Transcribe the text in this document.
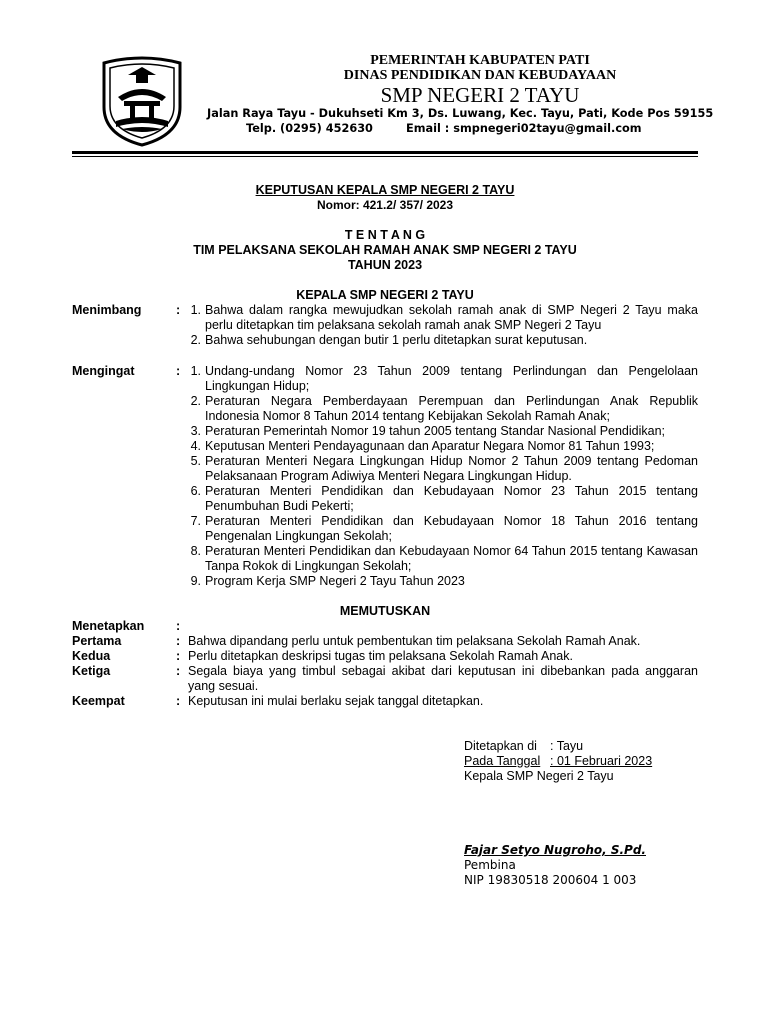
PEMERINTAH KABUPATEN PATI
DINAS PENDIDIKAN DAN KEBUDAYAAN
SMP NEGERI 2 TAYU
Jalan Raya Tayu - Dukuhseti Km 3, Ds. Luwang, Kec. Tayu, Pati, Kode Pos 59155
Telp. (0295) 452630	Email : smpnegeri02tayu@gmail.com
KEPUTUSAN KEPALA SMP NEGERI 2 TAYU
Nomor: 421.2/ 357/ 2023
T E N T A N G
TIM PELAKSANA SEKOLAH RAMAH ANAK SMP NEGERI 2 TAYU
TAHUN 2023
KEPALA SMP NEGERI 2 TAYU
Menimbang	: 1. Bahwa dalam rangka mewujudkan sekolah ramah anak di SMP Negeri 2 Tayu maka perlu ditetapkan tim pelaksana sekolah ramah anak SMP Negeri 2 Tayu
2. Bahwa sehubungan dengan butir 1 perlu ditetapkan surat keputusan.
Mengingat	: 1. Undang-undang Nomor 23 Tahun 2009 tentang Perlindungan dan Pengelolaan Lingkungan Hidup;
2. Peraturan Negara Pemberdayaan Perempuan dan Perlindungan Anak Republik Indonesia Nomor 8 Tahun 2014 tentang Kebijakan Sekolah Ramah Anak;
3. Peraturan Pemerintah Nomor 19 tahun 2005 tentang Standar Nasional Pendidikan;
4. Keputusan Menteri Pendayagunaan dan Aparatur Negara Nomor 81 Tahun 1993;
5. Peraturan Menteri Negara Lingkungan Hidup Nomor 2 Tahun 2009 tentang Pedoman Pelaksanaan Program Adiwiya Menteri Negara Lingkungan Hidup.
6. Peraturan Menteri Pendidikan dan Kebudayaan Nomor 23 Tahun 2015 tentang Penumbuhan Budi Pekerti;
7. Peraturan Menteri Pendidikan dan Kebudayaan Nomor 18 Tahun 2016 tentang Pengenalan Lingkungan Sekolah;
8. Peraturan Menteri Pendidikan dan Kebudayaan Nomor 64 Tahun 2015 tentang Kawasan Tanpa Rokok di Lingkungan Sekolah;
9. Program Kerja SMP Negeri 2 Tayu Tahun 2023
MEMUTUSKAN
Menetapkan	:
Pertama	: Bahwa dipandang perlu untuk pembentukan tim pelaksana Sekolah Ramah Anak.
Kedua	: Perlu ditetapkan deskripsi tugas tim pelaksana Sekolah Ramah Anak.
Ketiga	: Segala biaya yang timbul sebagai akibat dari keputusan ini dibebankan pada anggaran yang sesuai.
Keempat	: Keputusan ini mulai berlaku sejak tanggal ditetapkan.
Ditetapkan di : Tayu
Pada Tanggal : 01 Februari 2023
Kepala SMP Negeri 2 Tayu
Fajar Setyo Nugroho, S.Pd.
Pembina
NIP 19830518 200604 1 003
